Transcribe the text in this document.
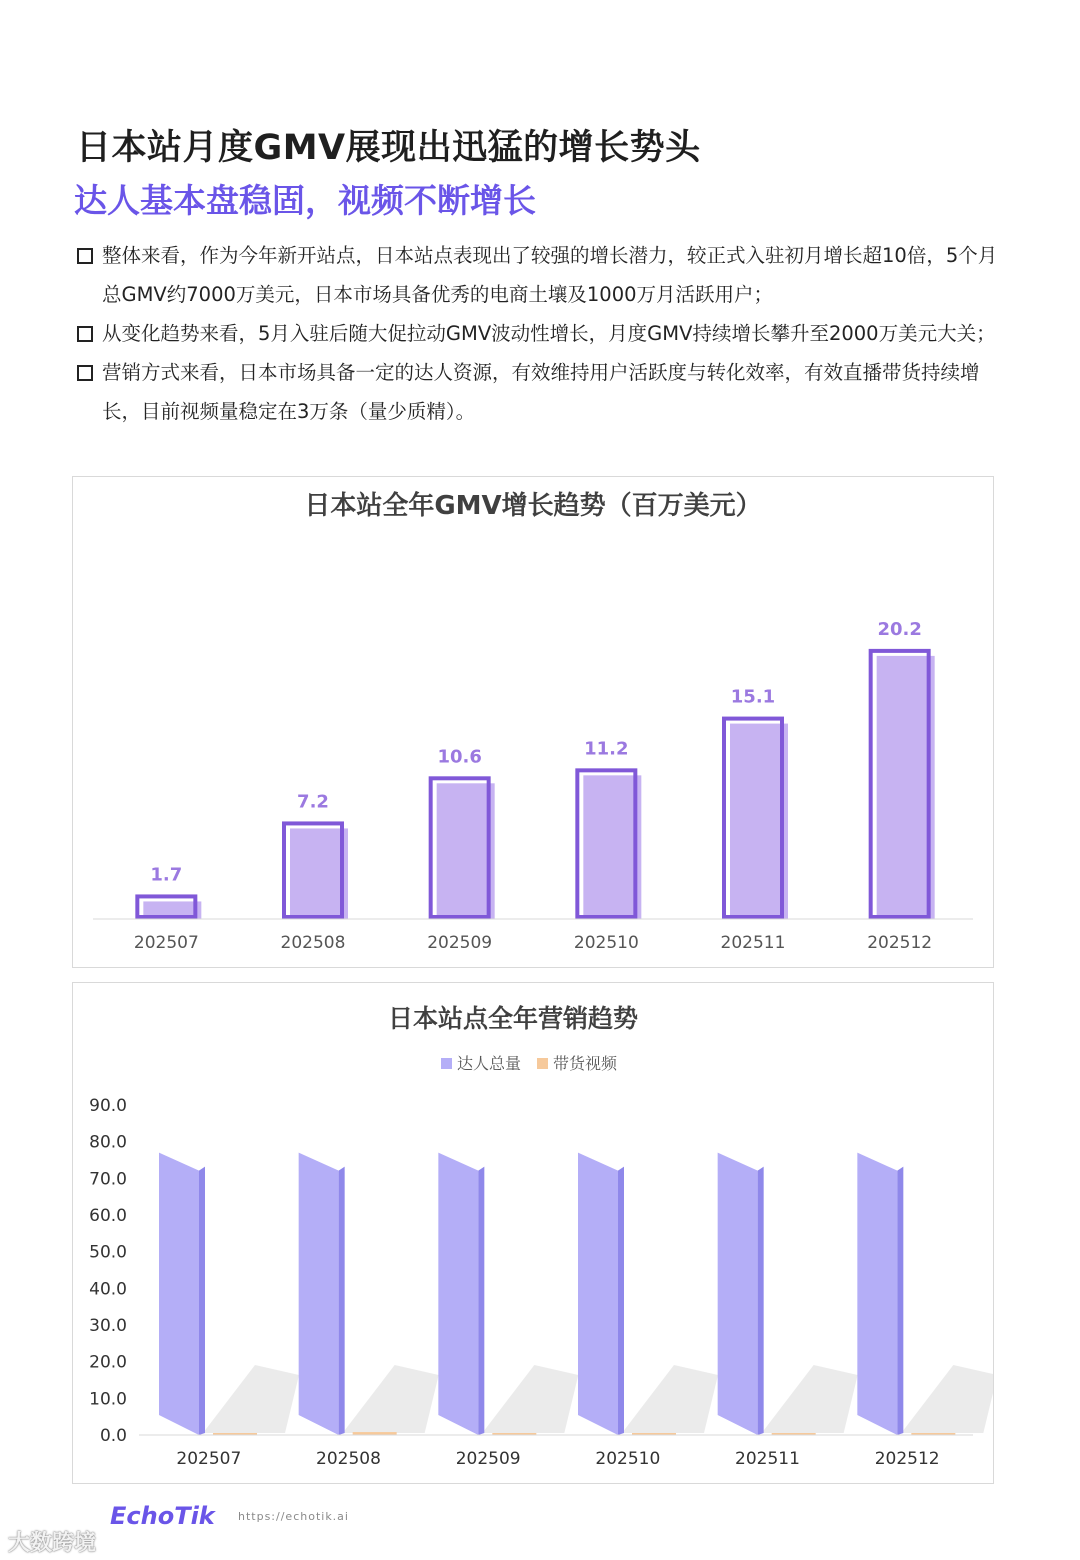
日本站月度GMV展现出迅猛的增长势头
达人基本盘稳固，视频不断增长
整体来看，作为今年新开站点，日本站点表现出了较强的增长潜力，较正式入驻初月增长超10倍，5个月总GMV约7000万美元，日本市场具备优秀的电商土壤及1000万月活跃用户；
从变化趋势来看，5月入驻后随大促拉动GMV波动性增长，月度GMV持续增长攀升至2000万美元大关；
营销方式来看，日本市场具备一定的达人资源，有效维持用户活跃度与转化效率，有效直播带货持续增长，目前视频量稳定在3万条（量少质精）。
日本站全年GMV增长趋势（百万美元）
1.7
7.2
10.6	11.2
15.1
20.2
202507	202508	202509	202510	202511	202512
日本站点全年营销趋势
达人总量 带货视频
90.0
80.0
70.0
60.0
50.0
40.0
30.0
20.0
10.0
0.0
202507	202508	202509	202510	202511	202512
EchoTik https://echotik.ai
大数跨境
